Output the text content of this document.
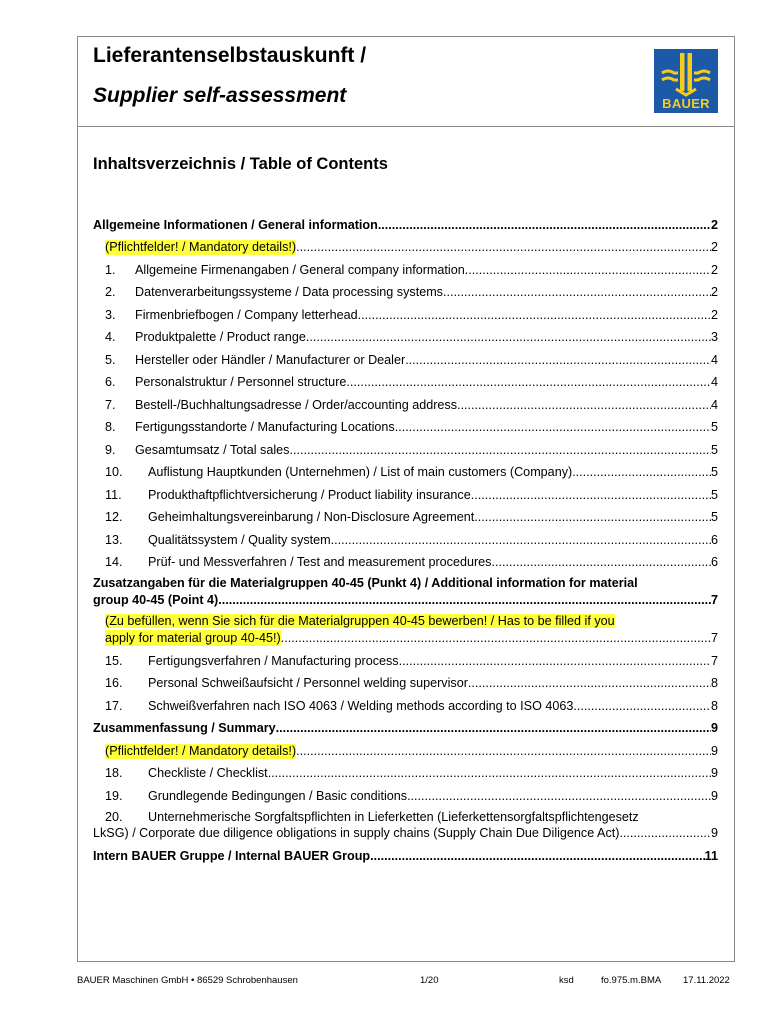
Lieferantenselbstauskunft /
Supplier self-assessment	BAUER
Inhaltsverzeichnis / Table of Contents
Allgemeine Informationen / General information .....	2
(Pflichtfelder! / Mandatory details!) .....	2
1.	Allgemeine Firmenangaben / General company information .....	2
2.	Datenverarbeitungssysteme / Data processing systems .....	2
3.	Firmenbriefbogen / Company letterhead .....	2
4.	Produktpalette / Product range .....	3
5.	Hersteller oder Händler / Manufacturer or Dealer .....	4
6.	Personalstruktur / Personnel structure .....	4
7.	Bestell-/Buchhaltungsadresse / Order/accounting address .....	4
8.	Fertigungsstandorte / Manufacturing Locations .....	5
9.	Gesamtumsatz / Total sales .....	5
10.	Auflistung Hauptkunden (Unternehmen) / List of main customers (Company) .....	5
11.	Produkthaftpflichtversicherung / Product liability insurance .....	5
12.	Geheimhaltungsvereinbarung / Non-Disclosure Agreement .....	5
13.	Qualitätssystem / Quality system .....	6
14.	Prüf- und Messverfahren / Test and measurement procedures .....	6
Zusatzangaben für die Materialgruppen 40-45 (Punkt 4) / Additional information for material
group 40-45 (Point 4) .....	7
(Zu befüllen, wenn Sie sich für die Materialgruppen 40-45 bewerben! / Has to be filled if you
apply for material group 40-45!) .....	7
15.	Fertigungsverfahren / Manufacturing process .....	7
16.	Personal Schweißaufsicht / Personnel welding supervisor .....	8
17.	Schweißverfahren nach ISO 4063 / Welding methods according to ISO 4063 .....	8
Zusammenfassung / Summary .....	9
(Pflichtfelder! / Mandatory details!) .....	9
18.	Checkliste / Checklist .....	9
19.	Grundlegende Bedingungen / Basic conditions .....	9
20. Unternehmerische Sorgfaltspflichten in Lieferketten (Lieferkettensorgfaltspflichtengesetz
LkSG) / Corporate due diligence obligations in supply chains (Supply Chain Due Diligence Act) .....	9
Intern BAUER Gruppe / Internal BAUER Group .....	11
BAUER Maschinen GmbH • 86529 Schrobenhausen	1/20	ksd	fo.975.m.BMA 17.11.2022
